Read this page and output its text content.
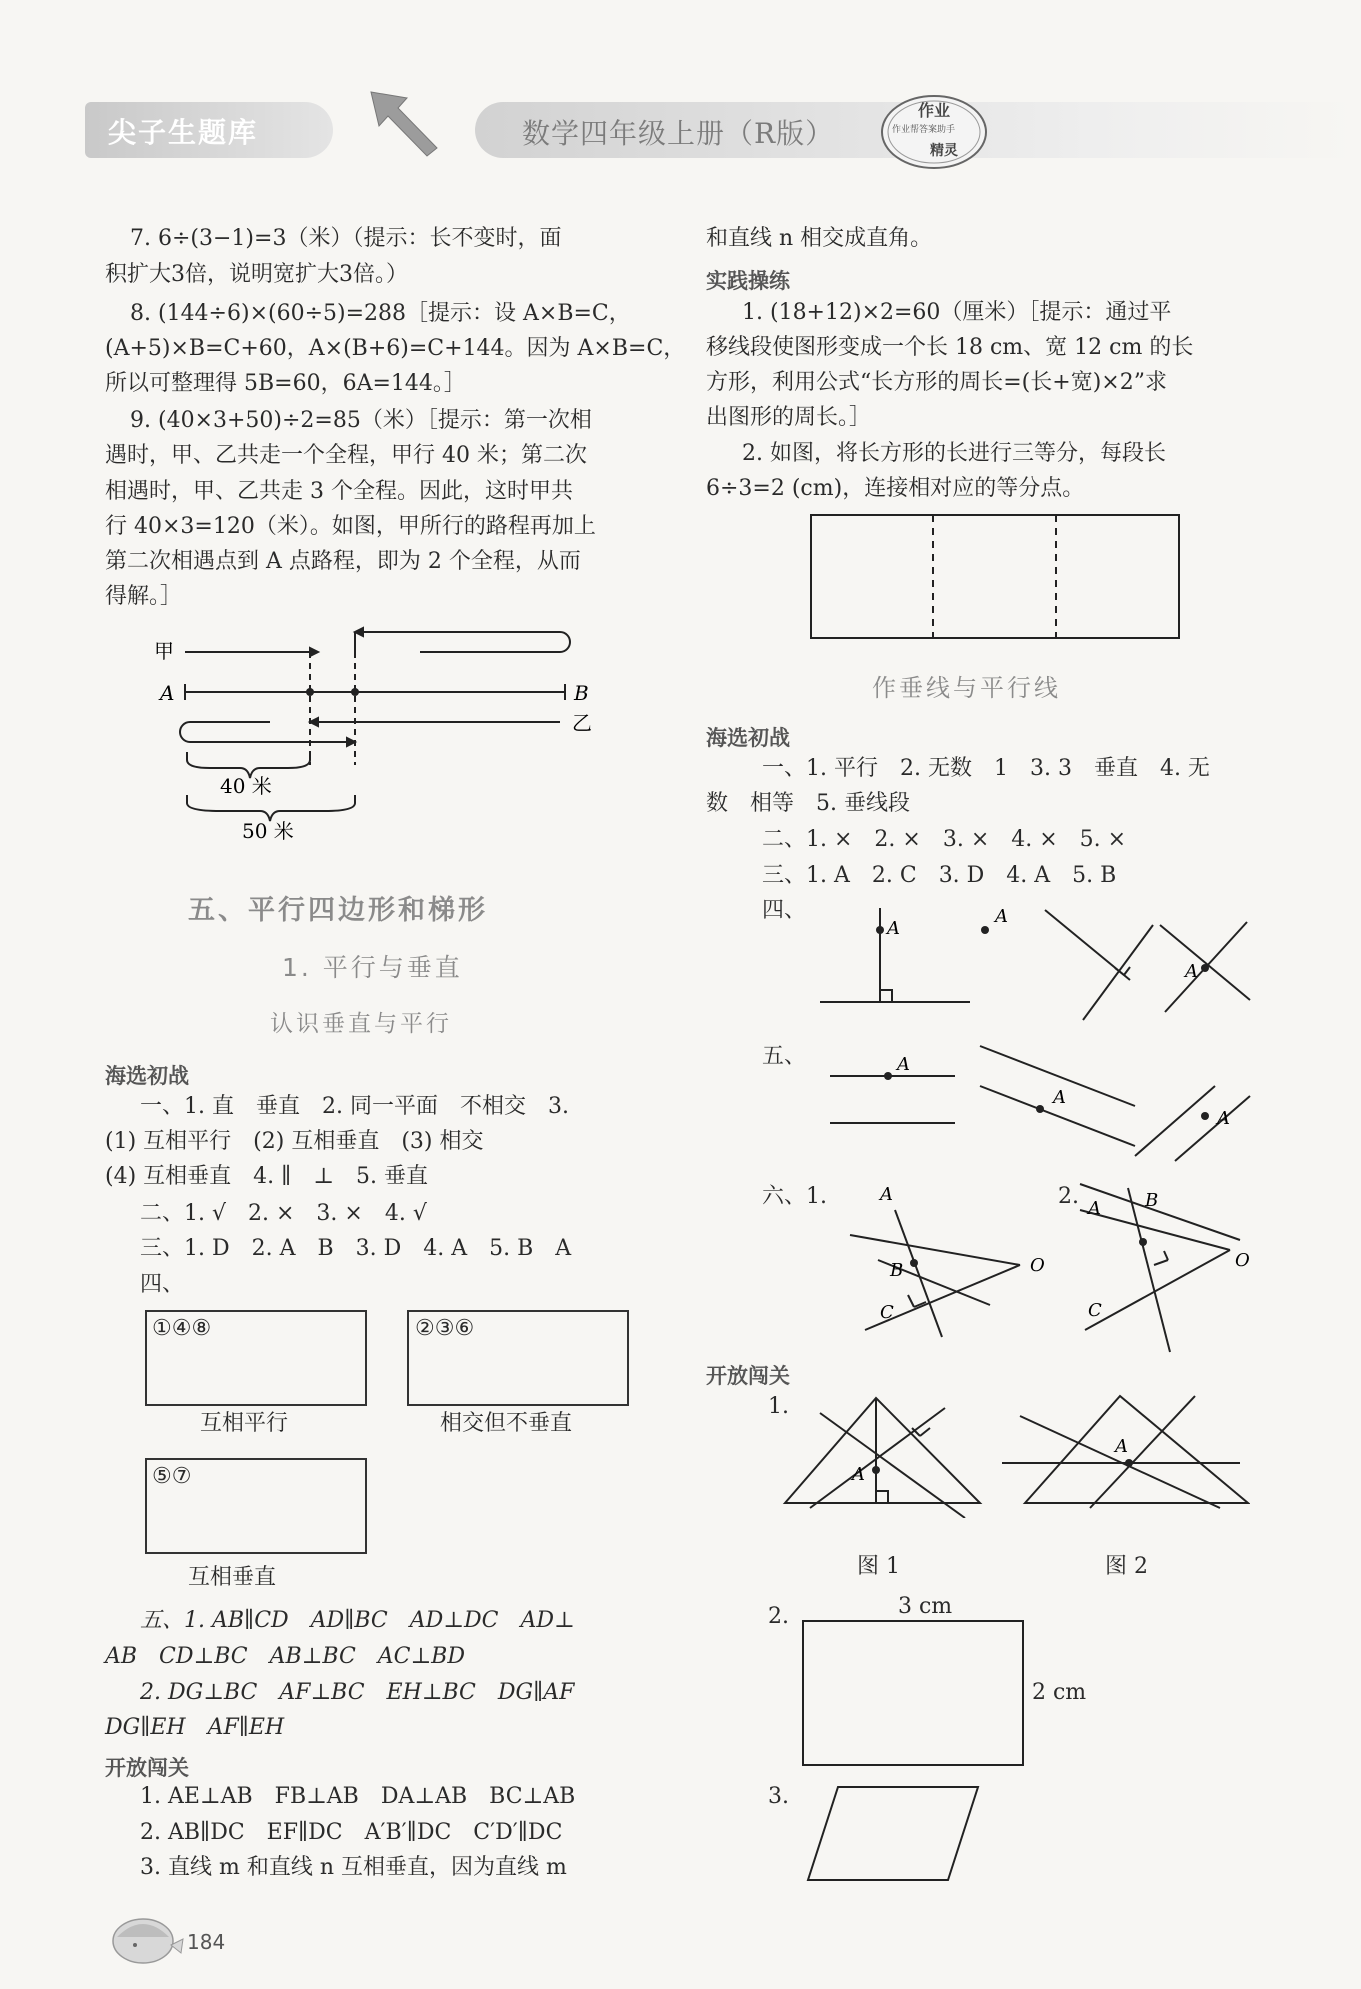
尖子生题库	数学四年级上册（R版）
作业
作业帮答案助手
精灵
7. 6÷(3−1)=3（米）（提示：长不变时，面
积扩大3倍，说明宽扩大3倍。）
8. (144÷6)×(60÷5)=288［提示：设 A×B=C，
(A+5)×B=C+60，A×(B+6)=C+144。因为 A×B=C，
所以可整理得 5B=60，6A=144。］
9. (40×3+50)÷2=85（米）［提示：第一次相
遇时，甲、乙共走一个全程，甲行 40 米；第二次
相遇时，甲、乙共走 3 个全程。因此，这时甲共
行 40×3=120（米）。如图，甲所行的路程再加上
第二次相遇点到 A 点路程，即为 2 个全程，从而
得解。］
甲
A	B
乙
40 米
50 米
五、平行四边形和梯形
1. 平行与垂直
认识垂直与平行
海选初战
一、1. 直　垂直　2. 同一平面　不相交　3.
(1) 互相平行　(2) 互相垂直　(3) 相交
(4) 互相垂直　4. ∥　⊥　5. 垂直
二、1. √　2. ×　3. ×　4. √
三、1. D　2. A　B　3. D　4. A　5. B　A
四、
①④⑧
互相平行
②③⑥
相交但不垂直
⑤⑦
互相垂直
五、1. AB∥CD　AD∥BC　AD⊥DC　AD⊥
AB　CD⊥BC　AB⊥BC　AC⊥BD
2. DG⊥BC　AF⊥BC　EH⊥BC　DG∥AF
DG∥EH　AF∥EH
开放闯关
1. AE⊥AB　FB⊥AB　DA⊥AB　BC⊥AB
2. AB∥DC　EF∥DC　A′B′∥DC　C′D′∥DC
3. 直线 m 和直线 n 互相垂直，因为直线 m
184
和直线 n 相交成直角。
实践操练
1. (18+12)×2=60（厘米）［提示：通过平
移线段使图形变成一个长 18 cm、宽 12 cm 的长
方形，利用公式“长方形的周长=(长+宽)×2”求
出图形的周长。］
2. 如图，将长方形的长进行三等分，每段长
6÷3=2 (cm)，连接相对应的等分点。
作垂线与平行线
海选初战
一、1. 平行　2. 无数　1　3. 3　垂直　4. 无
数　相等　5. 垂线段
二、1. ×　2. ×　3. ×　4. ×　5. ×
三、1. A　2. C　3. D　4. A　5. B
四、
A
A
A
五、	A
A
A
六、1.	2.
A
B
C
O
A B
C
O
开放闯关
1.
A
A
图 1	图 2
2.	3 cm
2 cm
3.
